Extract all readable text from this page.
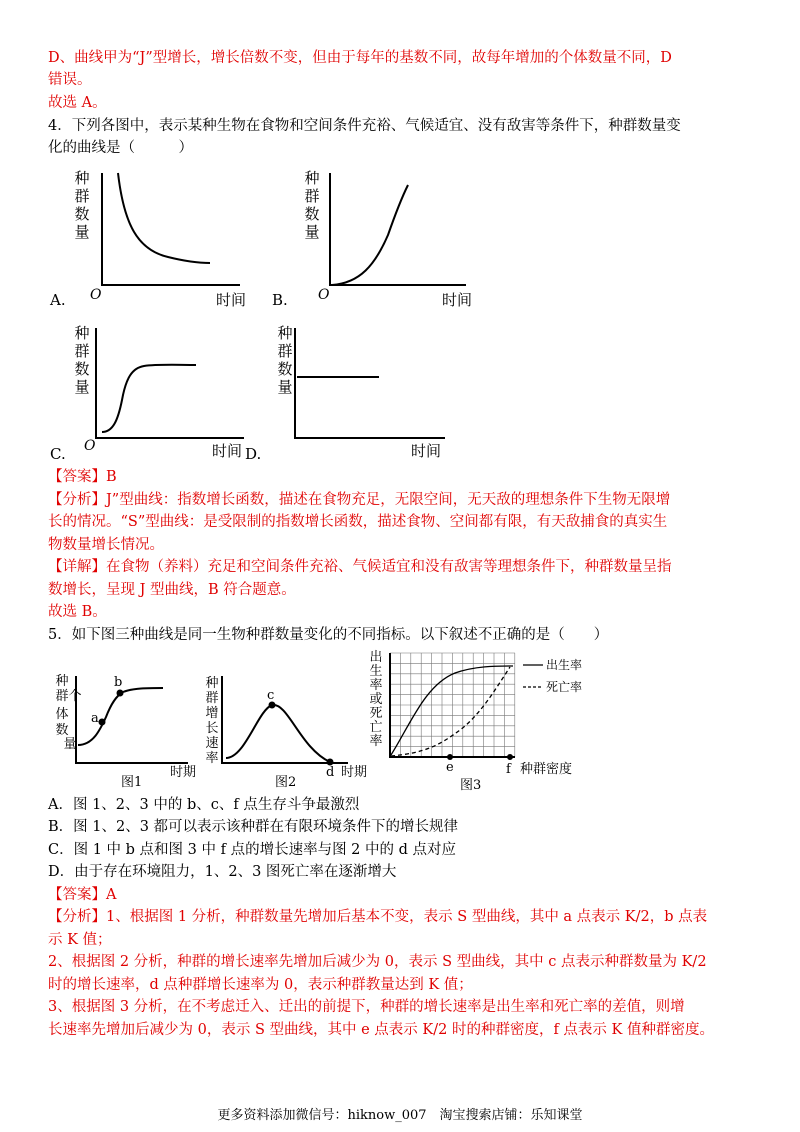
D、曲线甲为“J”型增长，增长倍数不变，但由于每年的基数不同，故每年增加的个体数量不同，D
错误。
故选 A。
4．下列各图中，表示某种生物在食物和空间条件充裕、气候适宜、没有敌害等条件下，种群数量变
化的曲线是（　　　）
种
群
数
量
A. O	时间
种
群
数
量
B. O	时间
种
群
数
量
C. O	时间 D.
种
群
数
量
时间
【答案】B
【分析】J”型曲线：指数增长函数，描述在食物充足，无限空间，无天敌的理想条件下生物无限增
长的情况。“S”型曲线：是受限制的指数增长函数，描述食物、空间都有限，有天敌捕食的真实生
物数量增长情况。
【详解】在食物（养料）充足和空间条件充裕、气候适宜和没有敌害等理想条件下，种群数量呈指
数增长，呈现 J 型曲线，B 符合题意。
故选 B。
5．如下图三种曲线是同一生物种群数量变化的不同指标。以下叙述不正确的是（　　）
种
群 个
体
数
量
a
b
时期
图1
种
群
增
长
速
率
c
d 时期
图2
出
生
率
或
死
亡
率
e	f 种群密度
图3
出生率
死亡率
A．图 1、2、3 中的 b、c、f 点生存斗争最激烈
B．图 1、2、3 都可以表示该种群在有限环境条件下的增长规律
C．图 1 中 b 点和图 3 中 f 点的增长速率与图 2 中的 d 点对应
D．由于存在环境阻力，1、2、3 图死亡率在逐渐增大
【答案】A
【分析】1、根据图 1 分析，种群数量先增加后基本不变，表示 S 型曲线，其中 a 点表示 K/2，b 点表
示 K 值；
2、根据图 2 分析，种群的增长速率先增加后减少为 0，表示 S 型曲线，其中 c 点表示种群数量为 K/2
时的增长速率，d 点种群增长速率为 0，表示种群教量达到 K 值；
3、根据图 3 分析，在不考虑迁入、迁出的前提下，种群的增长速率是出生率和死亡率的差值，则增
长速率先增加后减少为 0，表示 S 型曲线，其中 e 点表示 K/2 时的种群密度，f 点表示 K 值种群密度。
更多资料添加微信号：hiknow_007　淘宝搜索店铺：乐知课堂
